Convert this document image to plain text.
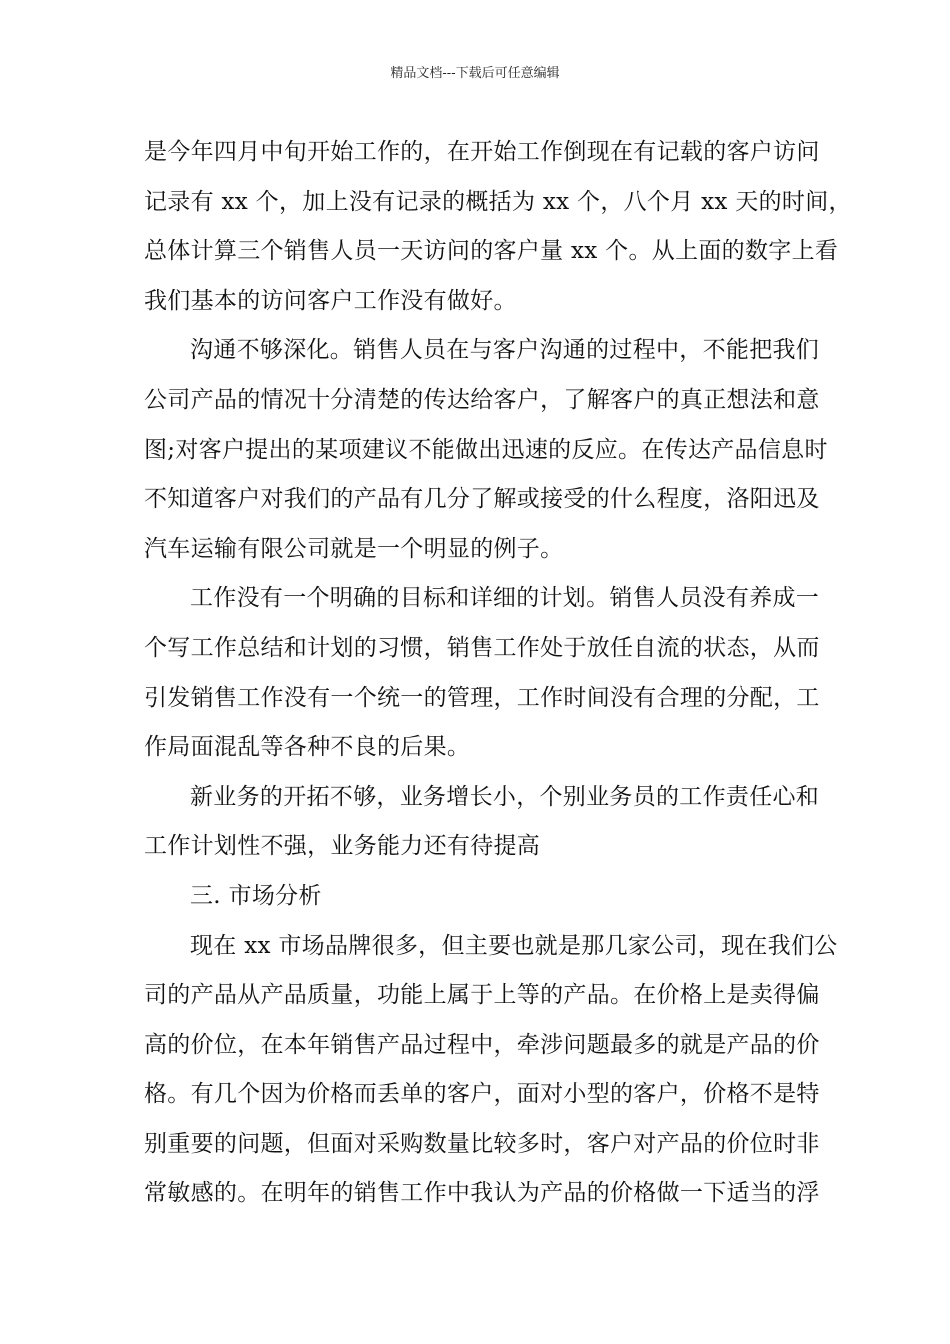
精品文档---下载后可任意编辑
是今年四月中旬开始工作的，在开始工作倒现在有记载的客户访问
记录有 xx 个，加上没有记录的概括为 xx 个，八个月 xx 天的时间，
总体计算三个销售人员一天访问的客户量 xx 个。从上面的数字上看
我们基本的访问客户工作没有做好。
沟通不够深化。销售人员在与客户沟通的过程中，不能把我们
公司产品的情况十分清楚的传达给客户，了解客户的真正想法和意
图;对客户提出的某项建议不能做出迅速的反应。在传达产品信息时
不知道客户对我们的产品有几分了解或接受的什么程度，洛阳迅及
汽车运输有限公司就是一个明显的例子。
工作没有一个明确的目标和详细的计划。销售人员没有养成一
个写工作总结和计划的习惯，销售工作处于放任自流的状态，从而
引发销售工作没有一个统一的管理，工作时间没有合理的分配，工
作局面混乱等各种不良的后果。
新业务的开拓不够，业务增长小，个别业务员的工作责任心和
工作计划性不强，业务能力还有待提高
三. 市场分析
现在 xx 市场品牌很多，但主要也就是那几家公司，现在我们公
司的产品从产品质量，功能上属于上等的产品。在价格上是卖得偏
高的价位，在本年销售产品过程中，牵涉问题最多的就是产品的价
格。有几个因为价格而丢单的客户，面对小型的客户，价格不是特
别重要的问题，但面对采购数量比较多时，客户对产品的价位时非
常敏感的。在明年的销售工作中我认为产品的价格做一下适当的浮
